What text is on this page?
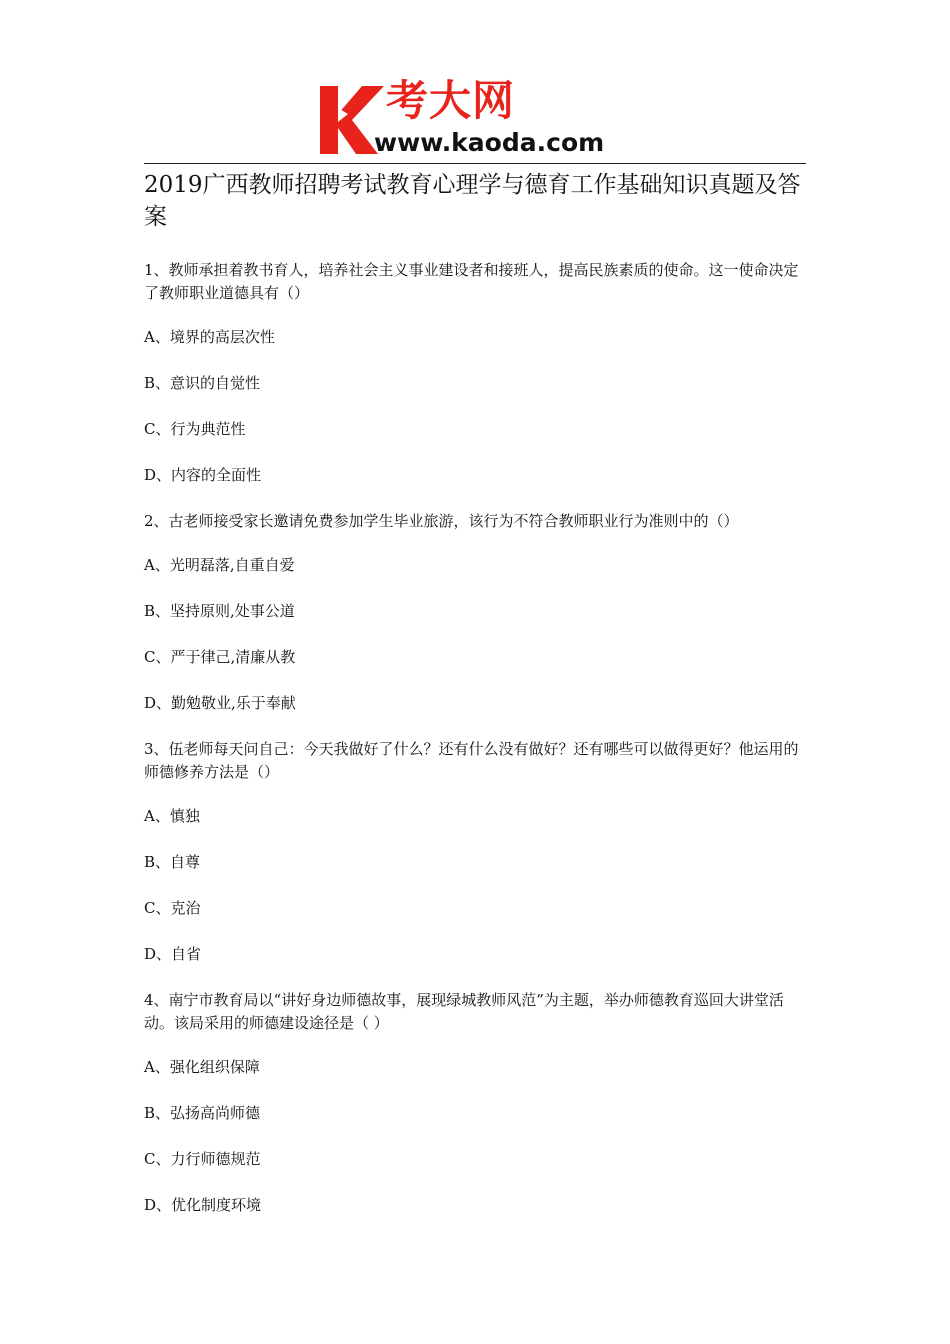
考大网
www.kaoda.com
2019广西教师招聘考试教育心理学与德育工作基础知识真题及答案

1、教师承担着教书育人，培养社会主义事业建设者和接班人，提高民族素质的使命。这一使命决定了教师职业道德具有（）

A、境界的高层次性

B、意识的自觉性

C、行为典范性

D、内容的全面性

2、古老师接受家长邀请免费参加学生毕业旅游，该行为不符合教师职业行为准则中的（）

A、光明磊落,自重自爱

B、坚持原则,处事公道

C、严于律己,清廉从教

D、勤勉敬业,乐于奉献

3、伍老师每天问自己：今天我做好了什么？还有什么没有做好？还有哪些可以做得更好？他运用的师德修养方法是（）

A、慎独

B、自尊

C、克治

D、自省

4、南宁市教育局以“讲好身边师德故事，展现绿城教师风范”为主题，举办师德教育巡回大讲堂活动。该局采用的师德建设途径是（ ）

A、强化组织保障

B、弘扬高尚师德

C、力行师德规范

D、优化制度环境
